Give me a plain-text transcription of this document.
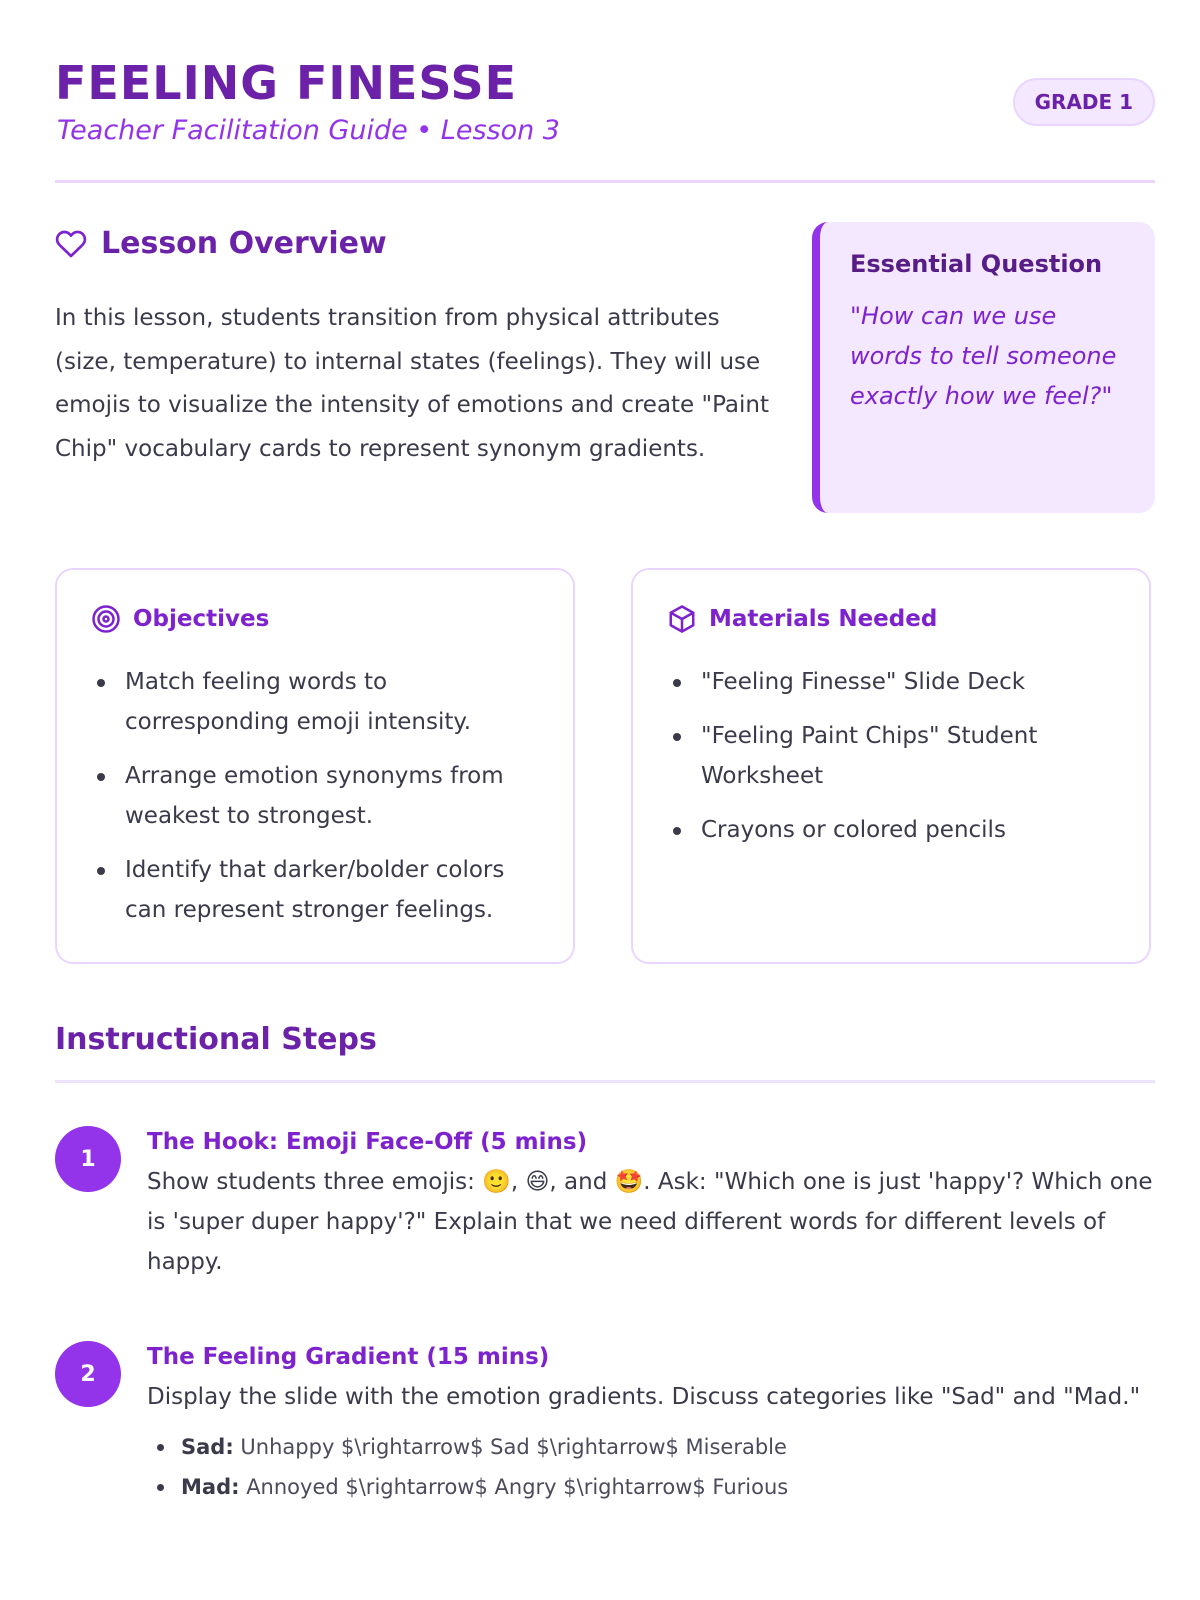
FEELING FINESSE
Teacher Facilitation Guide • Lesson 3
GRADE 1
Lesson Overview

In this lesson, students transition from physical attributes (size, temperature) to internal states (feelings). They will use emojis to visualize the intensity of emotions and create "Paint Chip" vocabulary cards to represent synonym gradients.

Essential Question
"How can we use words to tell someone exactly how we feel?"
Objectives
Match feeling words to corresponding emoji intensity.
Arrange emotion synonyms from weakest to strongest.
Identify that darker/bolder colors can represent stronger feelings.
Materials Needed
"Feeling Finesse" Slide Deck
"Feeling Paint Chips" Student Worksheet
Crayons or colored pencils
Instructional Steps
1
The Hook: Emoji Face-Off (5 mins)
Show students three emojis: 🙂, 😄, and 🤩. Ask: "Which one is just 'happy'? Which one is 'super duper happy'?" Explain that we need different words for different levels of happy.
2
The Feeling Gradient (15 mins)
Display the slide with the emotion gradients. Discuss categories like "Sad" and "Mad."
Sad: Unhappy $\rightarrow$ Sad $\rightarrow$ Miserable
Mad: Annoyed $\rightarrow$ Angry $\rightarrow$ Furious
